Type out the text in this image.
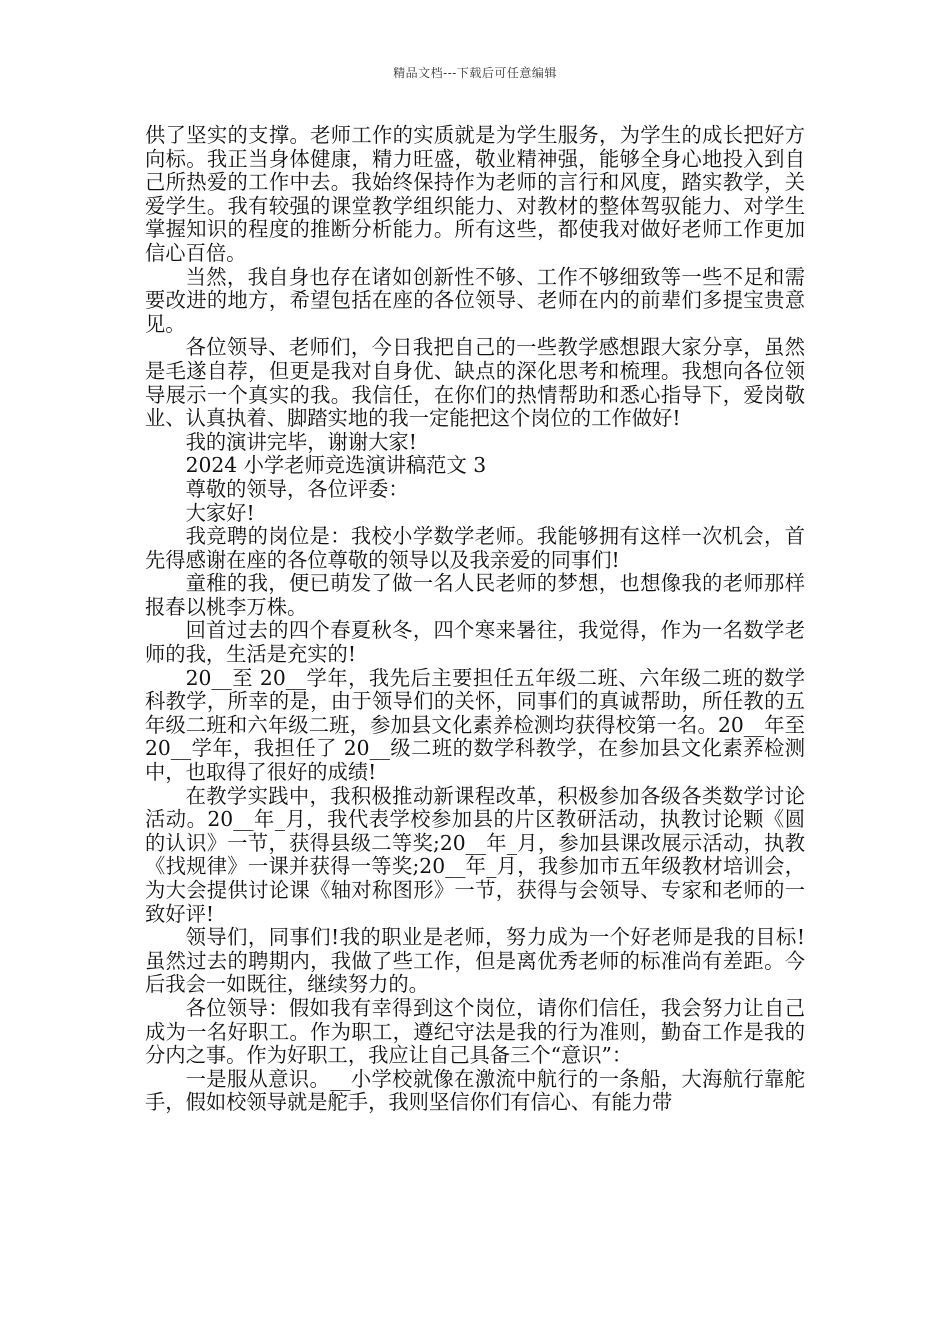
精品文档---下载后可任意编辑

供了坚实的支撑。老师工作的实质就是为学生服务，为学生的成长把好方向标。我正当身体健康，精力旺盛，敬业精神强，能够全身心地投入到自己所热爱的工作中去。我始终保持作为老师的言行和风度，踏实教学，关爱学生。我有较强的课堂教学组织能力、对教材的整体驾驭能力、对学生掌握知识的程度的推断分析能力。所有这些，都使我对做好老师工作更加信心百倍。

当然，我自身也存在诸如创新性不够、工作不够细致等一些不足和需要改进的地方，希望包括在座的各位领导、老师在内的前辈们多提宝贵意见。

各位领导、老师们，今日我把自己的一些教学感想跟大家分享，虽然是毛遂自荐，但更是我对自身优、缺点的深化思考和梳理。我想向各位领导展示一个真实的我。我信任，在你们的热情帮助和悉心指导下，爱岗敬业、认真执着、脚踏实地的我一定能把这个岗位的工作做好!

我的演讲完毕，谢谢大家!

2024 小学老师竞选演讲稿范文 3

尊敬的领导，各位评委：

大家好!

我竞聘的岗位是：我校小学数学老师。我能够拥有这样一次机会，首先得感谢在座的各位尊敬的领导以及我亲爱的同事们!

童稚的我，便已萌发了做一名人民老师的梦想，也想像我的老师那样报春以桃李万株。

回首过去的四个春夏秋冬，四个寒来暑往，我觉得，作为一名数学老师的我，生活是充实的!

20__至 20__学年，我先后主要担任五年级二班、六年级二班的数学科教学，所幸的是，由于领导们的关怀，同事们的真诚帮助，所任教的五年级二班和六年级二班，参加县文化素养检测均获得校第一名。20__年至 20__学年，我担任了 20__级二班的数学科教学，在参加县文化素养检测中，也取得了很好的成绩!

在教学实践中，我积极推动新课程改革，积极参加各级各类数学讨论活动。20__年_月，我代表学校参加县的片区教研活动，执教讨论颗《圆的认识》一节，获得县级二等奖;20__年_月，参加县课改展示活动，执教《找规律》一课并获得一等奖;20__年_月，我参加市五年级教材培训会，为大会提供讨论课《轴对称图形》一节，获得与会领导、专家和老师的一致好评!

领导们，同事们!我的职业是老师，努力成为一个好老师是我的目标!虽然过去的聘期内，我做了些工作，但是离优秀老师的标准尚有差距。今后我会一如既往，继续努力的。

各位领导：假如我有幸得到这个岗位，请你们信任，我会努力让自己成为一名好职工。作为职工，遵纪守法是我的行为准则，勤奋工作是我的分内之事。作为好职工，我应让自己具备三个“意识”：

一是服从意识。__小学校就像在激流中航行的一条船，大海航行靠舵手，假如校领导就是舵手，我则坚信你们有信心、有能力带
